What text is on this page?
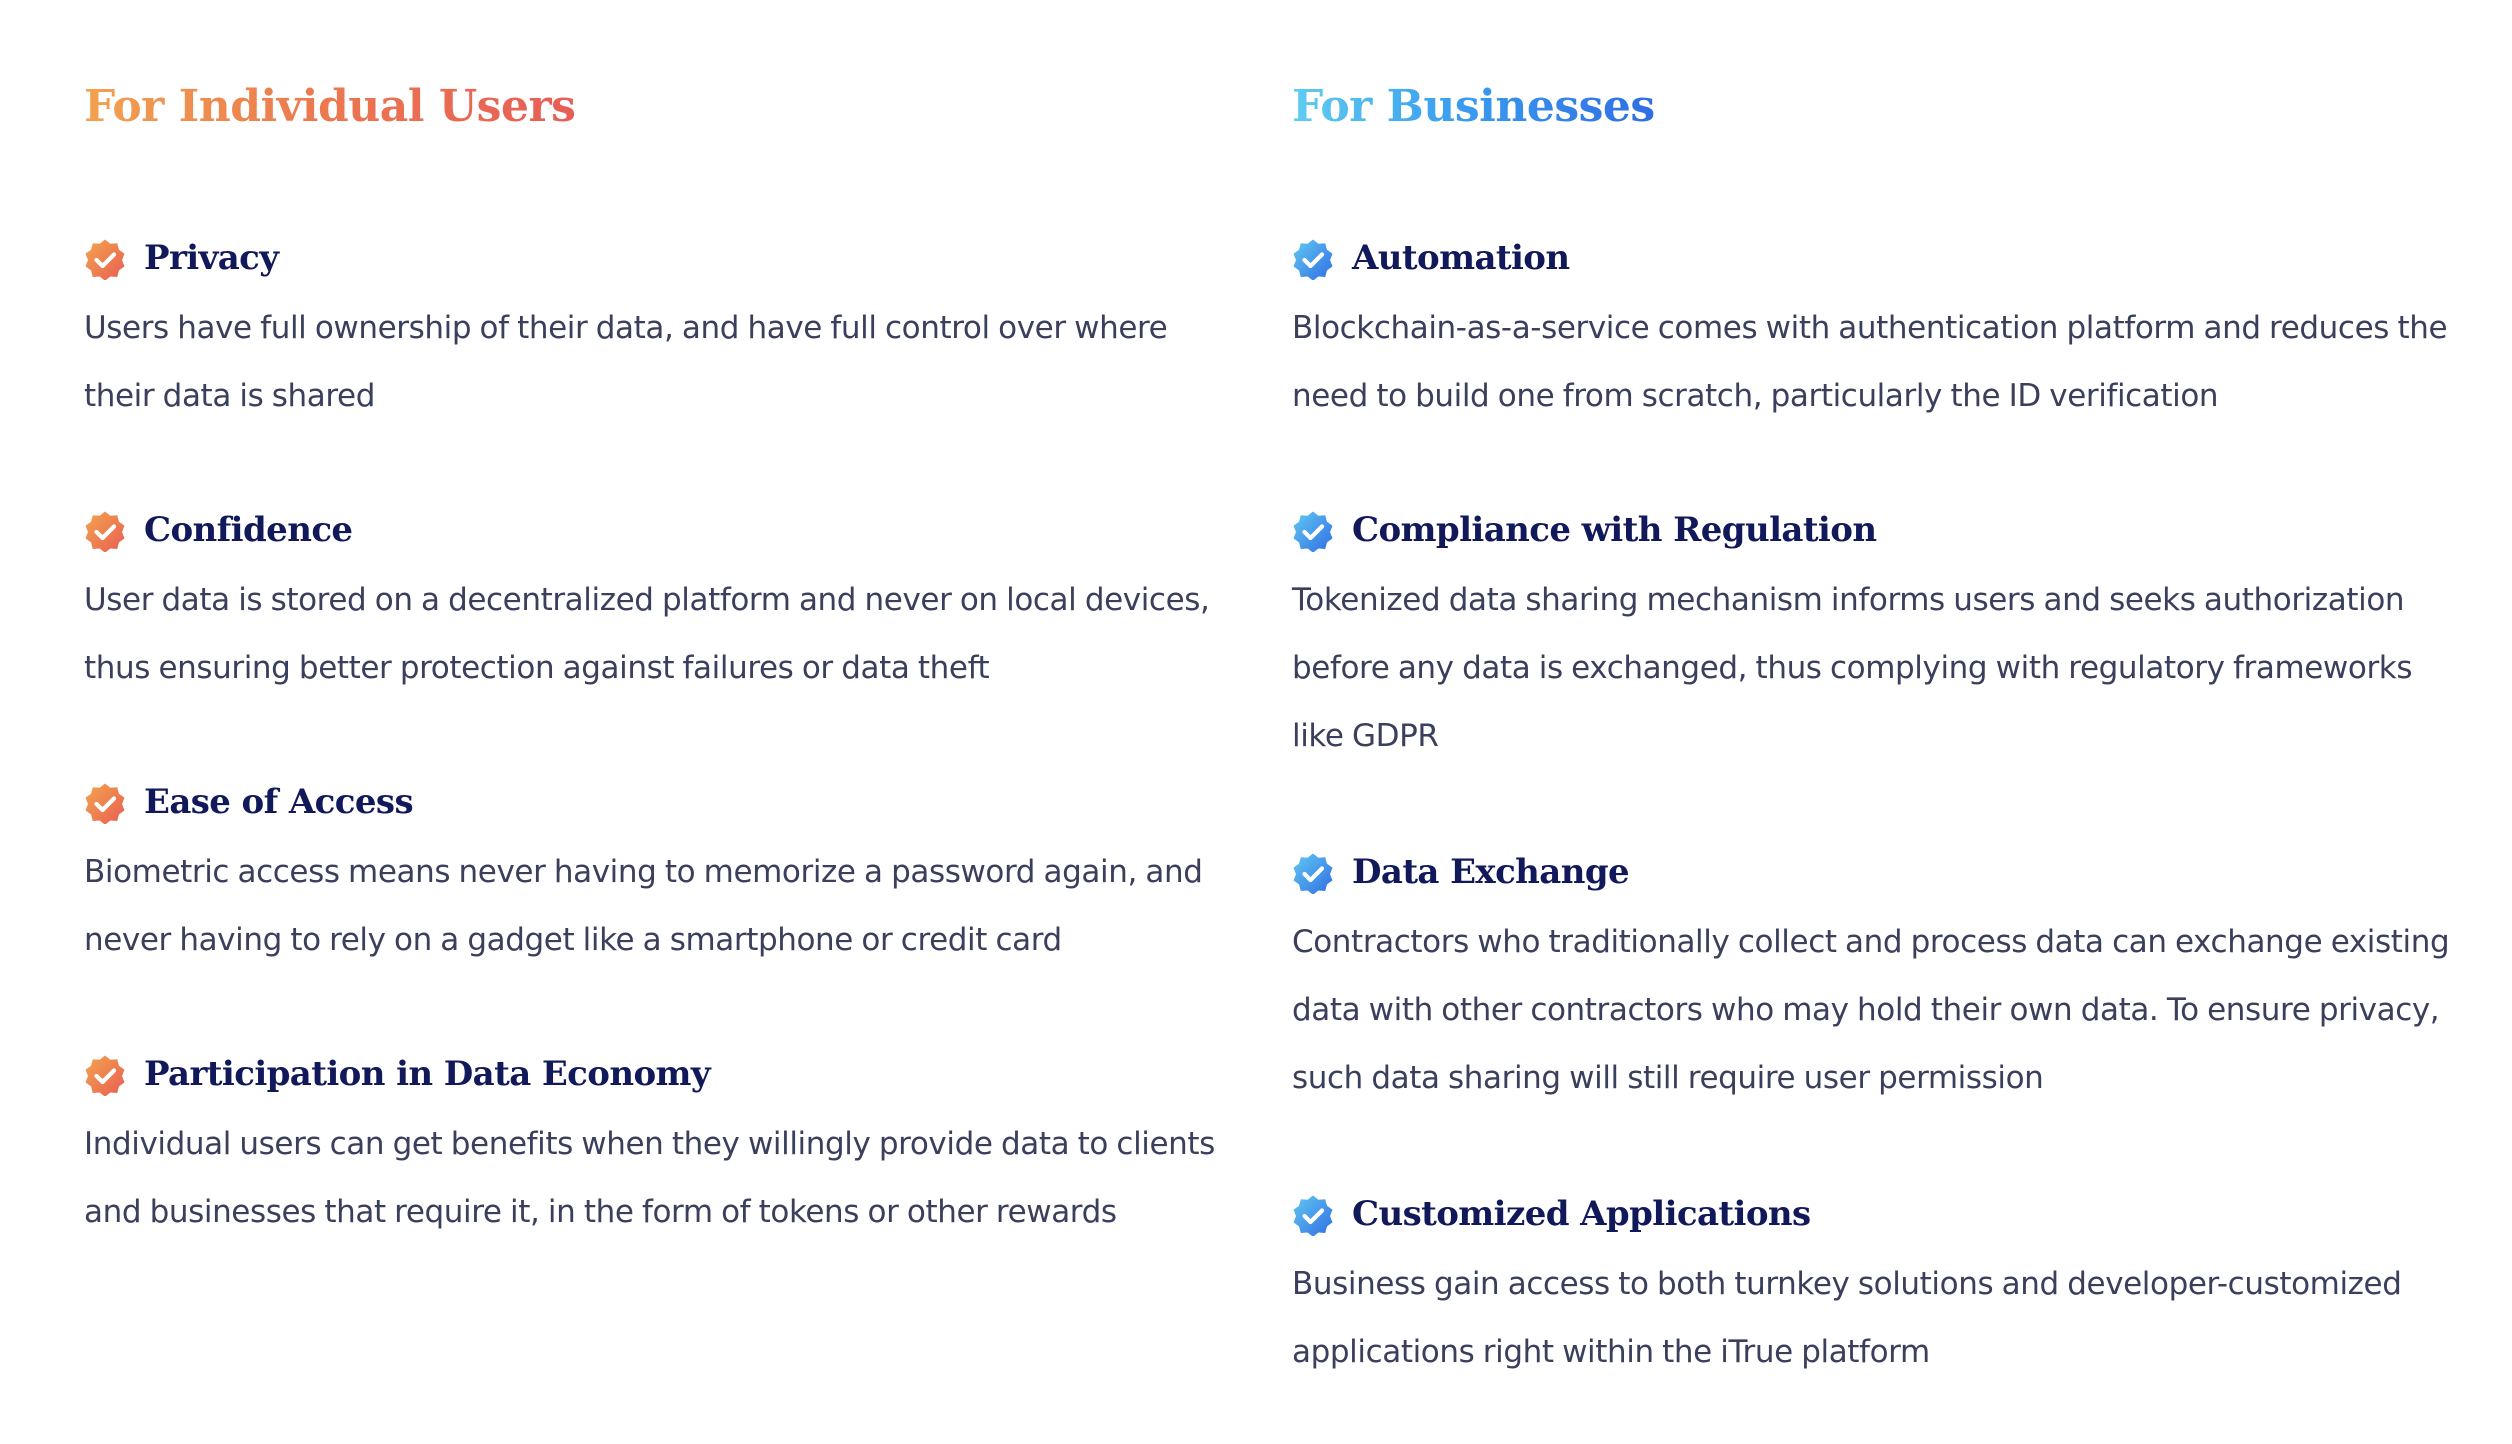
For Individual Users
Privacy

Users have full ownership of their data, and have full control over where their data is shared

Confidence

User data is stored on a decentralized platform and never on local devices, thus ensuring better protection against failures or data theft

Ease of Access

Biometric access means never having to memorize a password again, and never having to rely on a gadget like a smartphone or credit card

Participation in Data Economy

Individual users can get benefits when they willingly provide data to clients and businesses that require it, in the form of tokens or other rewards

For Businesses
Automation

Blockchain-as-a-service comes with authentication platform and reduces the need to build one from scratch, particularly the ID verification

Compliance with Regulation

Tokenized data sharing mechanism informs users and seeks authorization before any data is exchanged, thus complying with regulatory frameworks like GDPR

Data Exchange

Contractors who traditionally collect and process data can exchange existing data with other contractors who may hold their own data. To ensure privacy, such data sharing will still require user permission

Customized Applications

Business gain access to both turnkey solutions and developer-customized applications right within the iTrue platform
